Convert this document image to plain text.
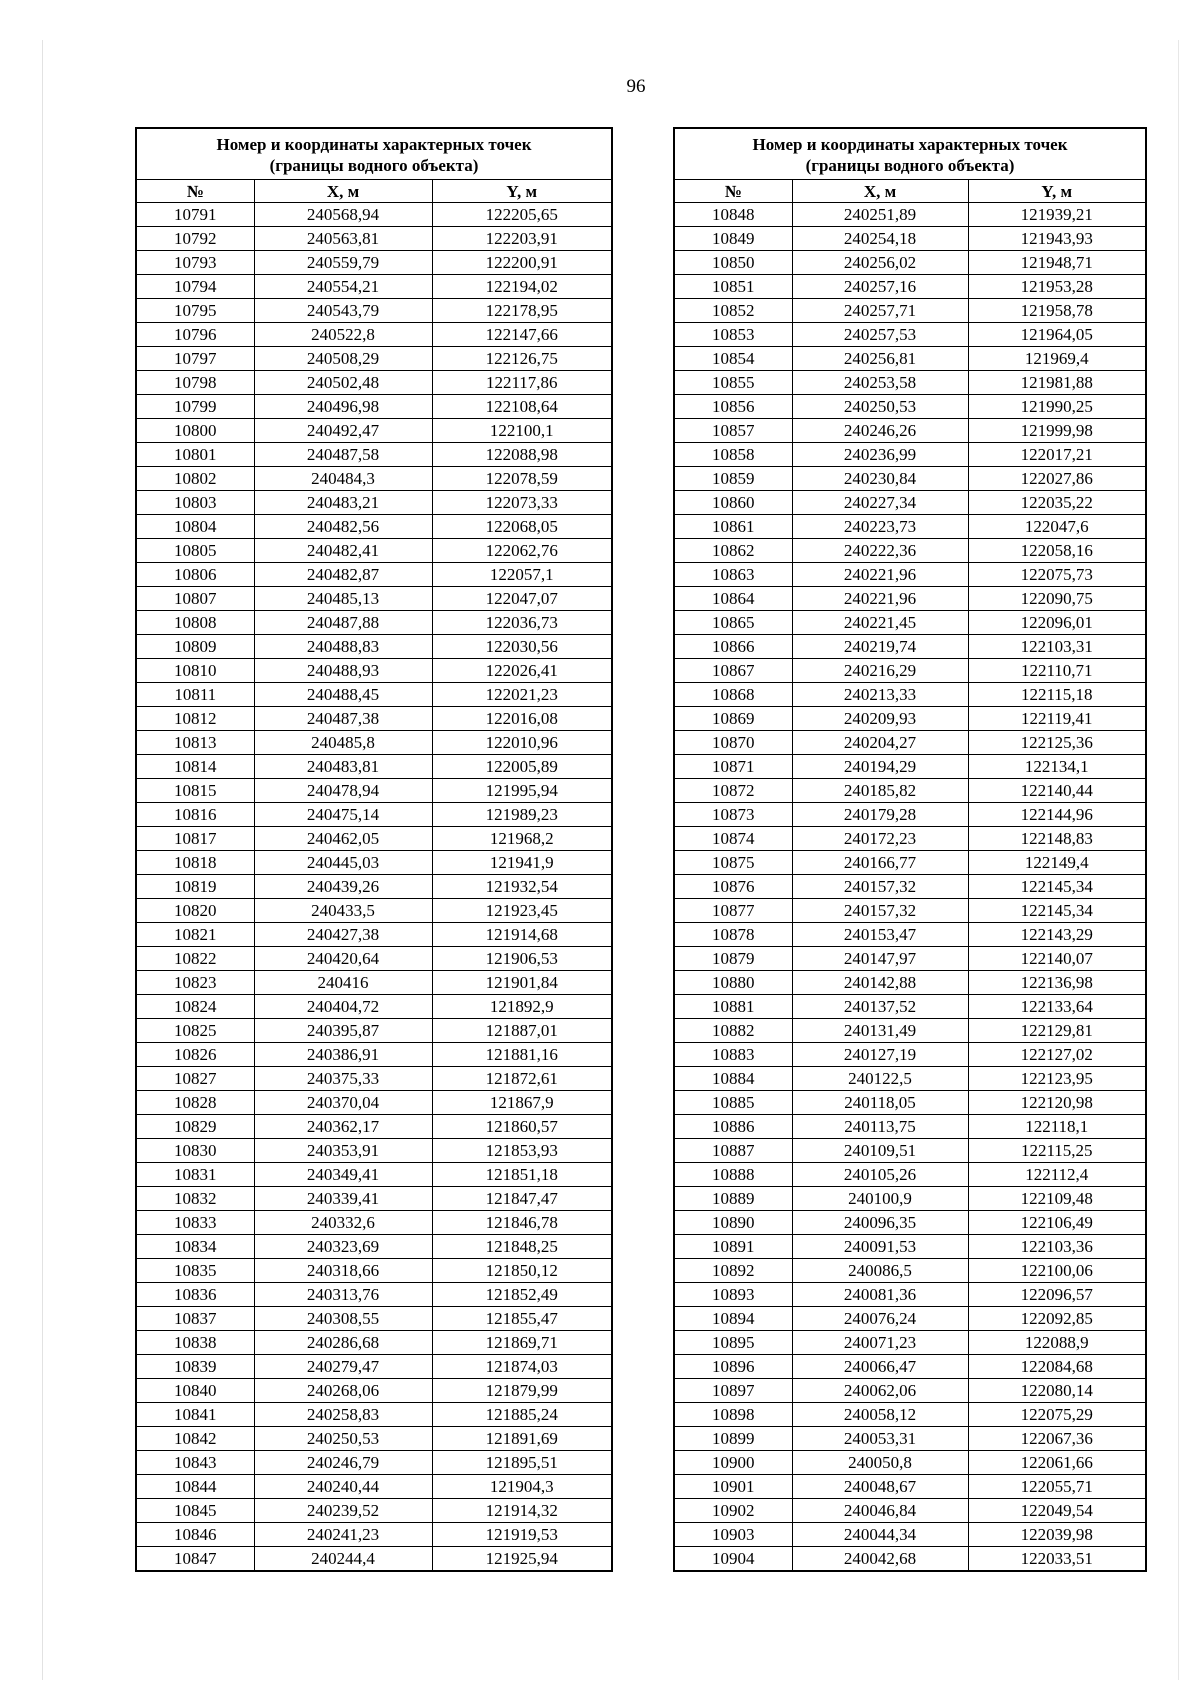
96
Номер и координаты характерных точек
(границы водного объекта)		

№	X, м	Y, м
10791	240568,94	122205,65
10792	240563,81	122203,91
10793	240559,79	122200,91
10794	240554,21	122194,02
10795	240543,79	122178,95
10796	240522,8	122147,66
10797	240508,29	122126,75
10798	240502,48	122117,86
10799	240496,98	122108,64
10800	240492,47	122100,1
10801	240487,58	122088,98
10802	240484,3	122078,59
10803	240483,21	122073,33
10804	240482,56	122068,05
10805	240482,41	122062,76
10806	240482,87	122057,1
10807	240485,13	122047,07
10808	240487,88	122036,73
10809	240488,83	122030,56
10810	240488,93	122026,41
10811	240488,45	122021,23
10812	240487,38	122016,08
10813	240485,8	122010,96
10814	240483,81	122005,89
10815	240478,94	121995,94
10816	240475,14	121989,23
10817	240462,05	121968,2
10818	240445,03	121941,9
10819	240439,26	121932,54
10820	240433,5	121923,45
10821	240427,38	121914,68
10822	240420,64	121906,53
10823	240416	121901,84
10824	240404,72	121892,9
10825	240395,87	121887,01
10826	240386,91	121881,16
10827	240375,33	121872,61
10828	240370,04	121867,9
10829	240362,17	121860,57
10830	240353,91	121853,93
10831	240349,41	121851,18
10832	240339,41	121847,47
10833	240332,6	121846,78
10834	240323,69	121848,25
10835	240318,66	121850,12
10836	240313,76	121852,49
10837	240308,55	121855,47
10838	240286,68	121869,71
10839	240279,47	121874,03
10840	240268,06	121879,99
10841	240258,83	121885,24
10842	240250,53	121891,69
10843	240246,79	121895,51
10844	240240,44	121904,3
10845	240239,52	121914,32
10846	240241,23	121919,53
10847	240244,4	121925,94
Номер и координаты характерных точек
(границы водного объекта)		

№	X, м	Y, м
10848	240251,89	121939,21
10849	240254,18	121943,93
10850	240256,02	121948,71
10851	240257,16	121953,28
10852	240257,71	121958,78
10853	240257,53	121964,05
10854	240256,81	121969,4
10855	240253,58	121981,88
10856	240250,53	121990,25
10857	240246,26	121999,98
10858	240236,99	122017,21
10859	240230,84	122027,86
10860	240227,34	122035,22
10861	240223,73	122047,6
10862	240222,36	122058,16
10863	240221,96	122075,73
10864	240221,96	122090,75
10865	240221,45	122096,01
10866	240219,74	122103,31
10867	240216,29	122110,71
10868	240213,33	122115,18
10869	240209,93	122119,41
10870	240204,27	122125,36
10871	240194,29	122134,1
10872	240185,82	122140,44
10873	240179,28	122144,96
10874	240172,23	122148,83
10875	240166,77	122149,4
10876	240157,32	122145,34
10877	240157,32	122145,34
10878	240153,47	122143,29
10879	240147,97	122140,07
10880	240142,88	122136,98
10881	240137,52	122133,64
10882	240131,49	122129,81
10883	240127,19	122127,02
10884	240122,5	122123,95
10885	240118,05	122120,98
10886	240113,75	122118,1
10887	240109,51	122115,25
10888	240105,26	122112,4
10889	240100,9	122109,48
10890	240096,35	122106,49
10891	240091,53	122103,36
10892	240086,5	122100,06
10893	240081,36	122096,57
10894	240076,24	122092,85
10895	240071,23	122088,9
10896	240066,47	122084,68
10897	240062,06	122080,14
10898	240058,12	122075,29
10899	240053,31	122067,36
10900	240050,8	122061,66
10901	240048,67	122055,71
10902	240046,84	122049,54
10903	240044,34	122039,98
10904	240042,68	122033,51
